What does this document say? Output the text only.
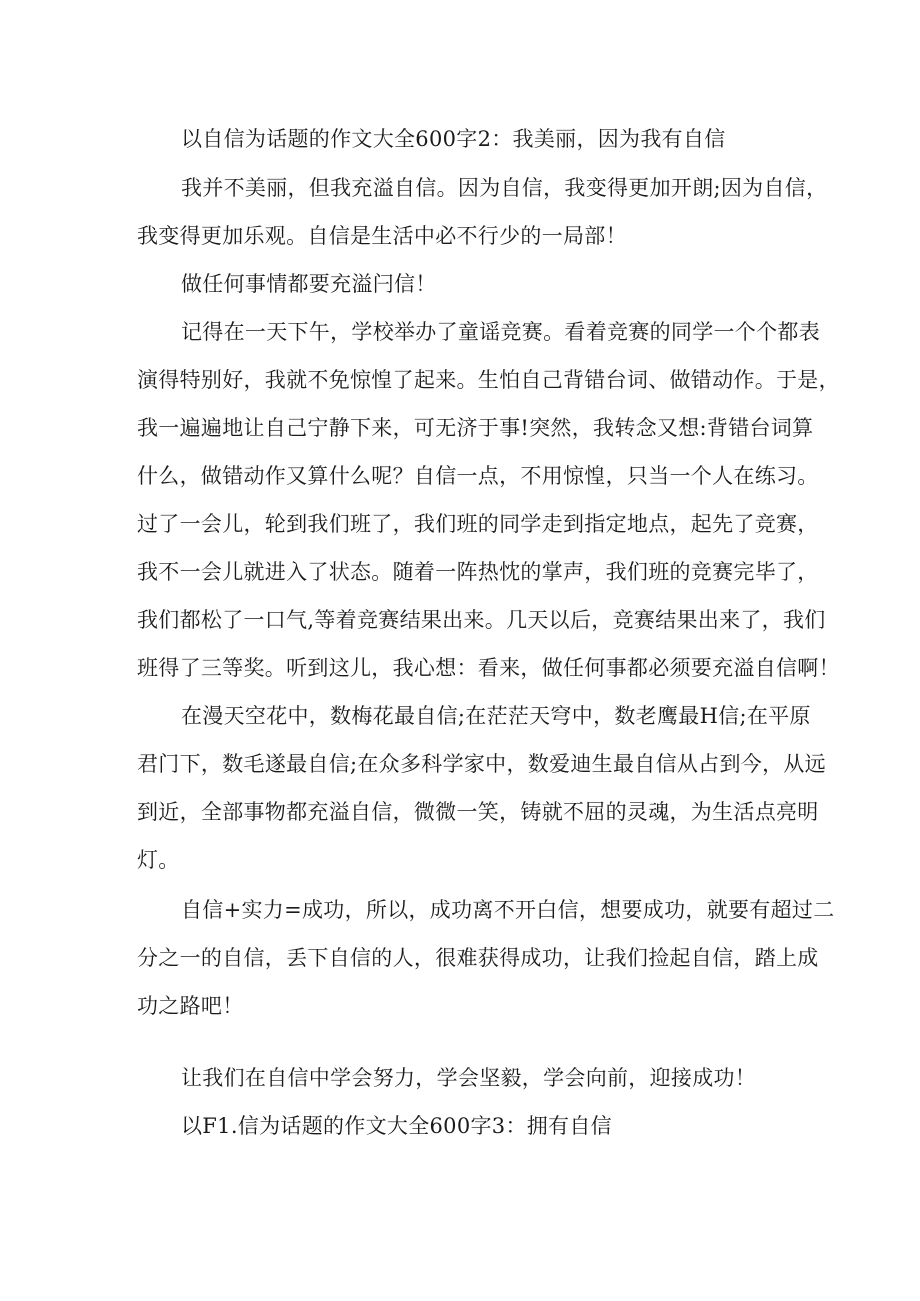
以自信为话题的作文大全600字2：我美丽，因为我有自信

我并不美丽，但我充溢自信。因为自信，我变得更加开朗;因为自信，

我变得更加乐观。自信是生活中必不行少的一局部！

做任何事情都要充溢闩信！

记得在一天下午，学校举办了童谣竞赛。看着竞赛的同学一个个都表

演得特别好，我就不免惊惶了起来。生怕自己背错台词、做错动作。于是，

我一遍遍地让自己宁静下来，可无济于事!突然，我转念又想:背错台词算

什么，做错动作又算什么呢？自信一点，不用惊惶，只当一个人在练习。

过了一会儿，轮到我们班了，我们班的同学走到指定地点，起先了竞赛，

我不一会儿就进入了状态。随着一阵热忱的掌声，我们班的竞赛完毕了，

我们都松了一口气,等着竞赛结果出来。几天以后，竞赛结果出来了，我们

班得了三等奖。听到这儿，我心想：看来，做任何事都必须要充溢自信啊！

在漫天空花中，数梅花最自信;在茫茫天穹中，数老鹰最H信;在平原

君门下，数毛遂最自信;在众多科学家中，数爱迪生最自信从占到今，从远

到近，全部事物都充溢自信，微微一笑，铸就不屈的灵魂，为生活点亮明

灯。

自信+实力=成功，所以，成功离不开白信，想要成功，就要有超过二

分之一的自信，丢下自信的人，很难获得成功，让我们捡起自信，踏上成

功之路吧！

让我们在自信中学会努力，学会坚毅，学会向前，迎接成功！

以F1.信为话题的作文大全600字3：拥有自信
